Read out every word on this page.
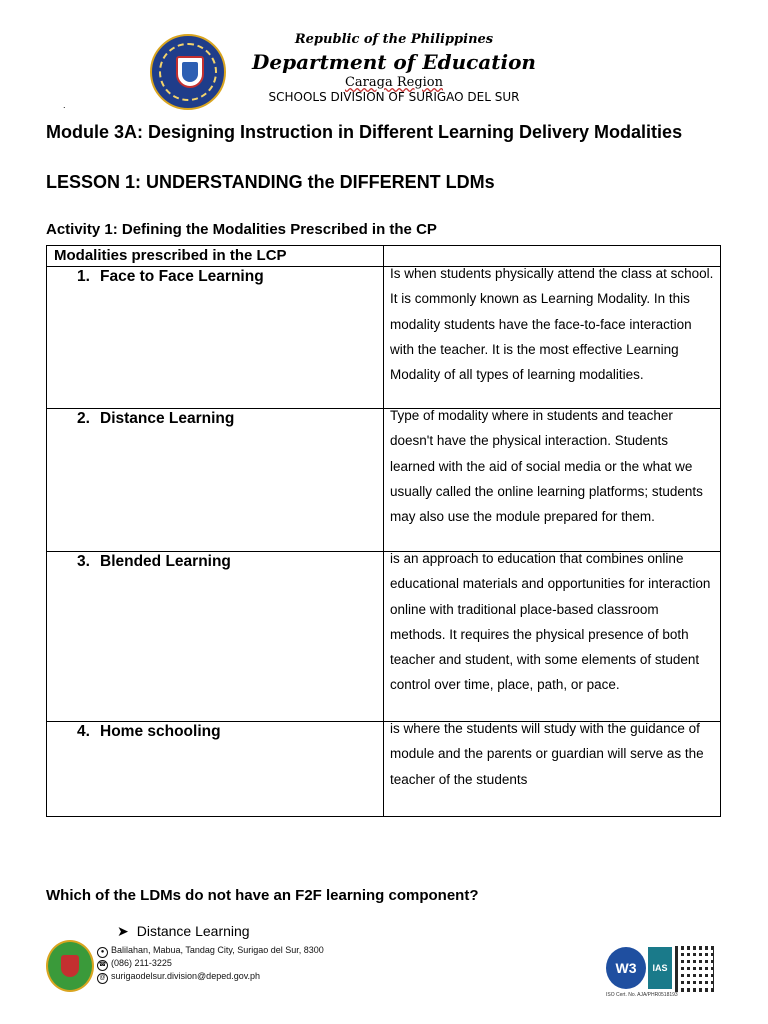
Republic of the Philippines
Department of Education
Caraga Region
SCHOOLS DIVISION OF SURIGAO DEL SUR
.
Module 3A: Designing Instruction in Different Learning Delivery Modalities
LESSON 1: UNDERSTANDING the DIFFERENT LDMs
Activity 1: Defining the Modalities Prescribed in the CP
Modalities prescribed in the LCP	

1. Face to Face Learning	Is when students physically attend the class at school. It is commonly known as Learning Modality. In this modality students have the face-to-face interaction with the teacher. It is the most effective Learning Modality of all types of learning modalities.

2. Distance Learning	Type of modality where in students and teacher doesn't have the physical interaction. Students learned with the aid of social media or the what we usually called the online learning platforms; students may also use the module prepared for them.

3. Blended Learning	is an approach to education that combines online educational materials and opportunities for interaction online with traditional place-based classroom methods. It requires the physical presence of both teacher and student, with some elements of student control over time, place, path, or pace.

4. Home schooling	is where the students will study with the guidance of module and the parents or guardian will serve as the teacher of the students
Which of the LDMs do not have an F2F learning component?
➤ Distance Learning
● Balilahan, Mabua, Tandag City, Surigao del Sur, 8300
☎ (086) 211-3225
@ surigaodelsur.division@deped.gov.ph	W3	IAS
ISO Cert. No. AJA/PHR0518193
